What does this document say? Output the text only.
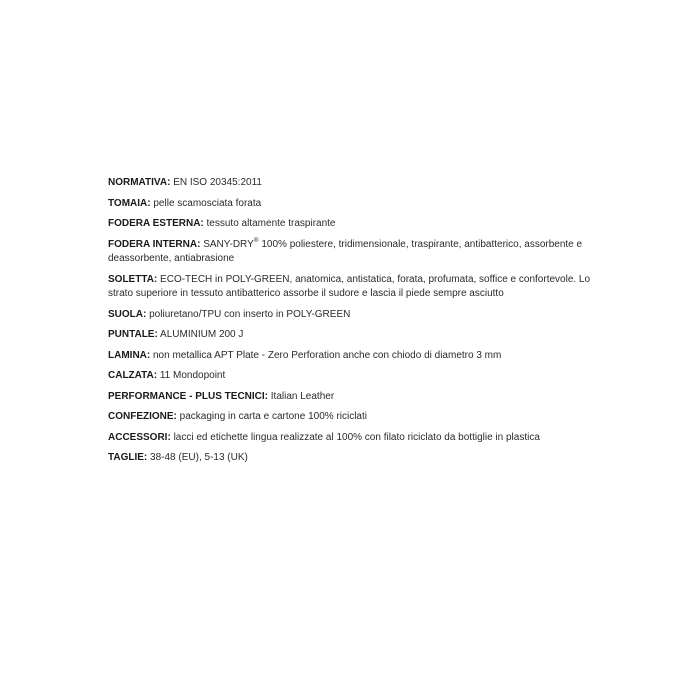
NORMATIVA: EN ISO 20345:2011

TOMAIA: pelle scamosciata forata

FODERA ESTERNA: tessuto altamente traspirante

FODERA INTERNA: SANY-DRY® 100% poliestere, tridimensionale, traspirante, antibatterico, assorbente e deassorbente, antiabrasione

SOLETTA: ECO-TECH in POLY-GREEN, anatomica, antistatica, forata, profumata, soffice e confortevole. Lo strato superiore in tessuto antibatterico assorbe il sudore e lascia il piede sempre asciutto

SUOLA: poliuretano/TPU con inserto in POLY-GREEN

PUNTALE: ALUMINIUM 200 J

LAMINA: non metallica APT Plate - Zero Perforation anche con chiodo di diametro 3 mm

CALZATA: 11 Mondopoint

PERFORMANCE - PLUS TECNICI: Italian Leather

CONFEZIONE: packaging in carta e cartone 100% riciclati

ACCESSORI: lacci ed etichette lingua realizzate al 100% con filato riciclato da bottiglie in plastica

TAGLIE: 38-48 (EU), 5-13 (UK)
